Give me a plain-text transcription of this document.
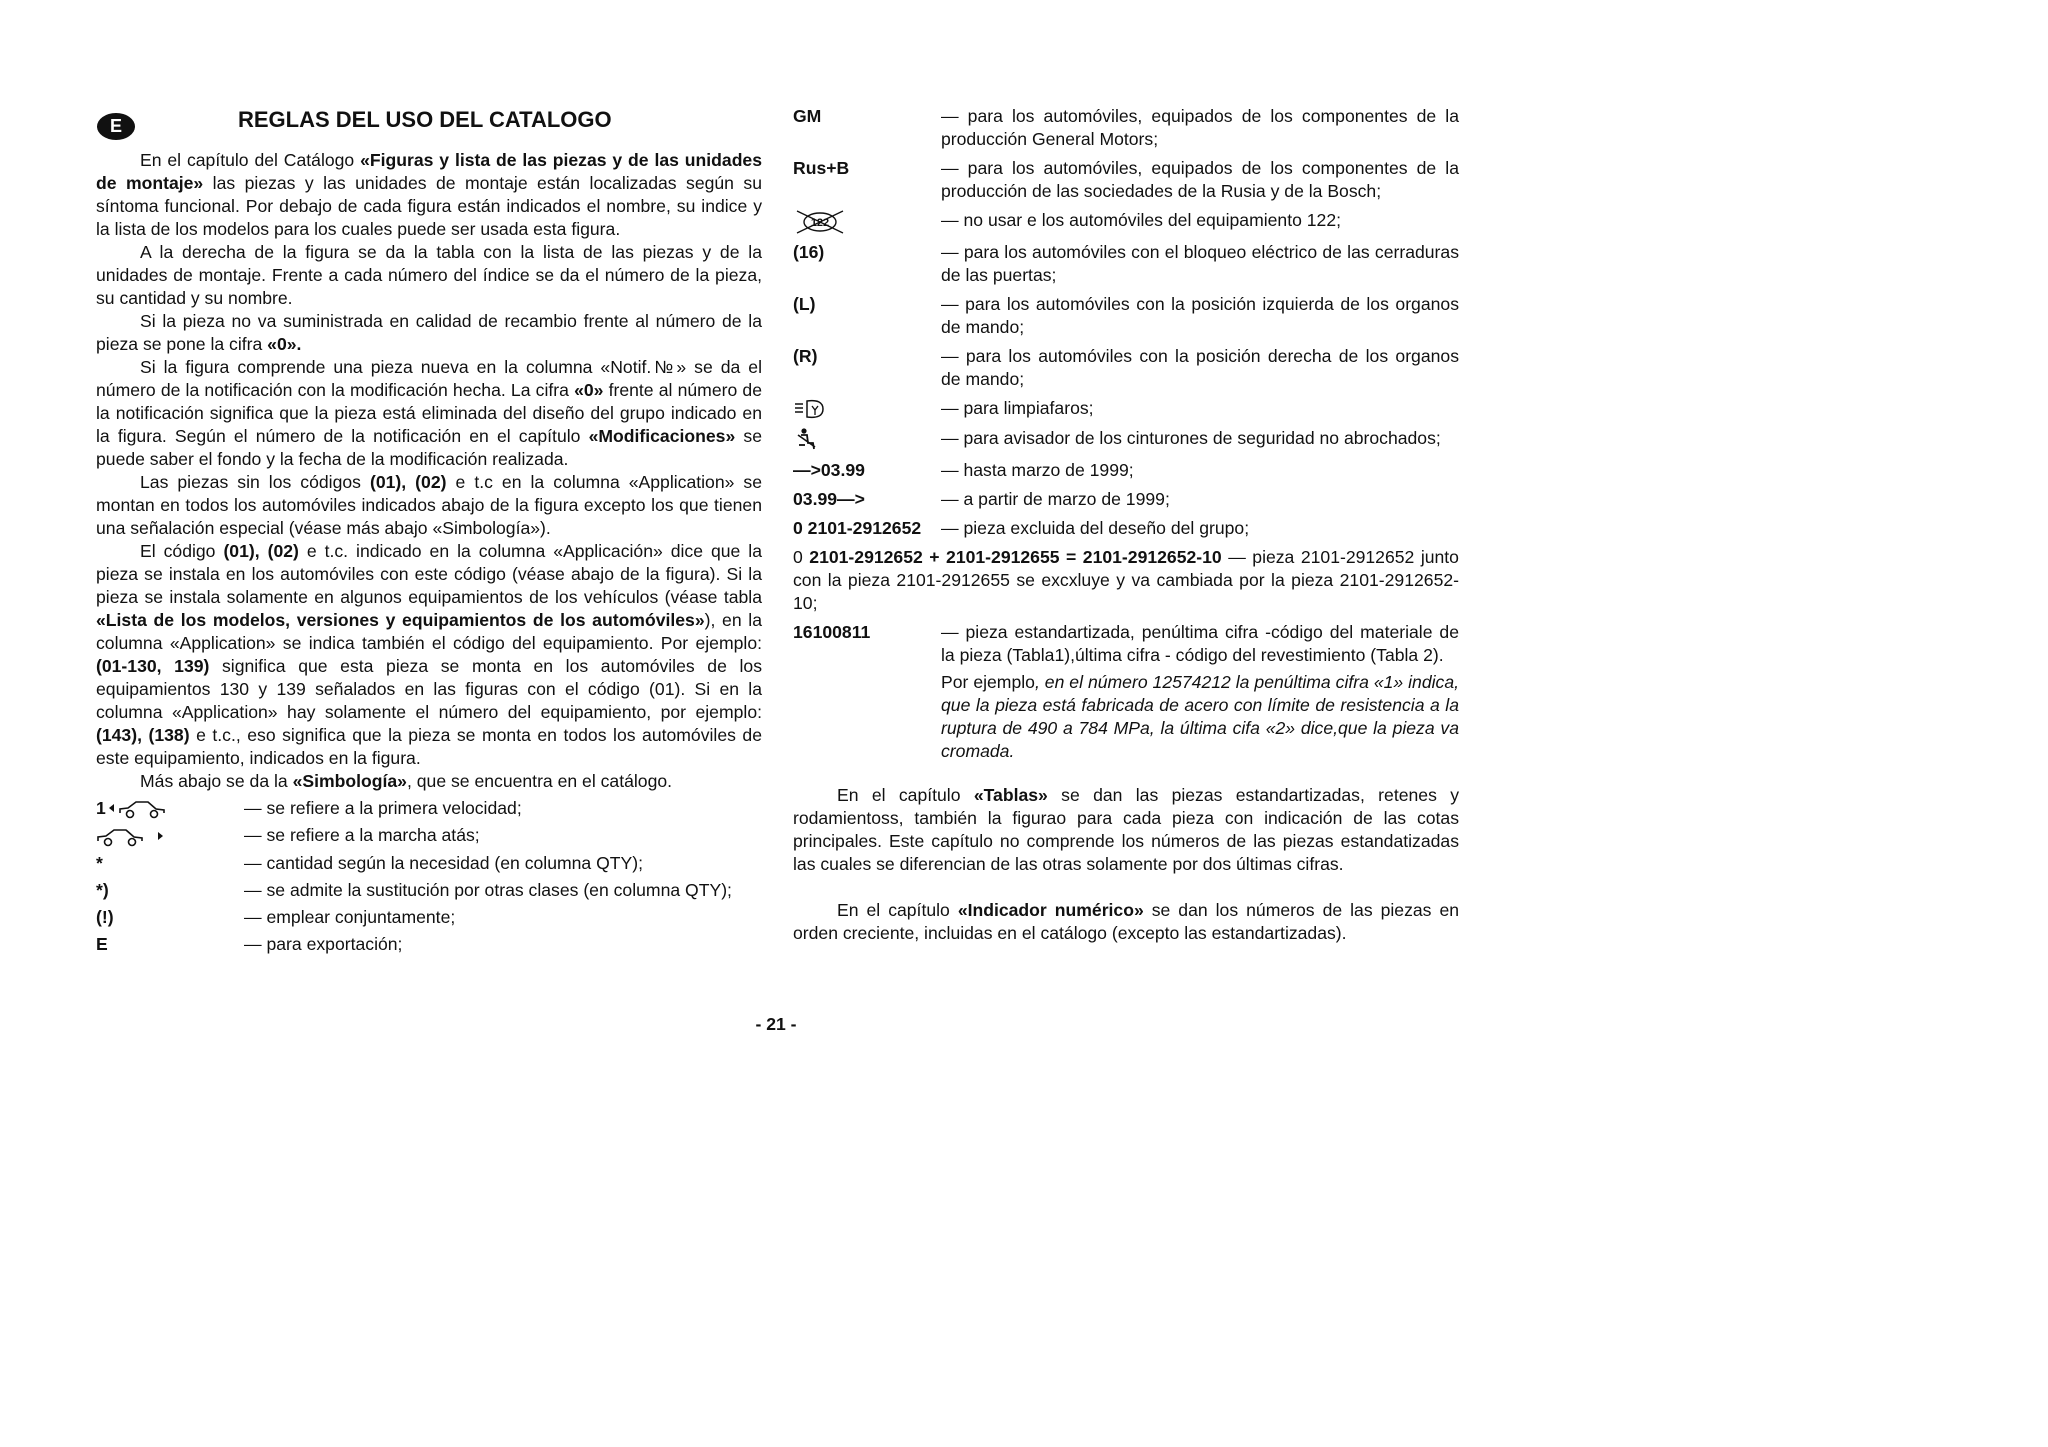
E	REGLAS DEL USO DEL CATALOGO

En el capítulo del Catálogo «Figuras y lista de las piezas y de las unidades de montaje» las piezas y las unidades de montaje están localizadas según su síntoma funcional. Por debajo de cada figura están indicados el nombre, su indice y la lista de los modelos para los cuales puede ser usada esta figura.

A la derecha de la figura se da la tabla con la lista de las piezas y de la unidades de montaje. Frente a cada número del índice se da el número de la pieza, su cantidad y su nombre.

Si la pieza no va suministrada en calidad de recambio frente al número de la pieza se pone la cifra «0».

Si la figura comprende una pieza nueva en la columna «Notif.№» se da el número de la notificación con la modificación hecha. La cifra «0» frente al número de la notificación significa que la pieza está eliminada del diseño del grupo indicado en la figura. Según el número de la notificación en el capítulo «Modificaciones» se puede saber el fondo y la fecha de la modificación realizada.

Las piezas sin los códigos (01), (02) e t.c en la columna «Application» se montan en todos los automóviles indicados abajo de la figura excepto los que tienen una señalación especial (véase más abajo «Simbología»).

El código (01), (02) e t.c. indicado en la columna «Applicación» dice que la pieza se instala en los automóviles con este código (véase abajo de la figura). Si la pieza se instala solamente en algunos equipamientos de los vehículos (véase tabla «Lista de los modelos, versiones y equipamientos de los automóviles»), en la columna «Application» se indica también el código del equipamiento. Por ejemplo: (01-130, 139) significa que esta pieza se monta en los automóviles de los equipamientos 130 y 139 señalados en las figuras con el código (01). Si en la columna «Application» hay solamente el número del equipamiento, por ejemplo: (143), (138) e t.c., eso significa que la pieza se monta en todos los automóviles de este equipamiento, indicados en la figura.

Más abajo se da la «Simbología», que se encuentra en el catálogo.

1	— se refiere a la primera velocidad;
— se refiere a la marcha atás;
*	— cantidad según la necesidad (en columna QTY);
*)	— se admite la sustitución por otras clases (en columna QTY);
(!)	— emplear conjuntamente;
E	— para exportación;
GM	— para los automóviles, equipados de los componentes de la producción General Motors;
Rus+B	— para los automóviles, equipados de los componentes de la producción de las sociedades de la Rusia y de la Bosch;
122	— no usar e los automóviles del equipamiento 122;
(16)	— para los automóviles con el bloqueo eléctrico de las cerraduras de las puertas;
(L)	— para los automóviles con la posición izquierda de los organos de mando;
(R)	— para los automóviles con la posición derecha de los organos de mando;
— para limpiafaros;
— para avisador de los cinturones de seguridad no abrochados;
—>03.99	— hasta marzo de 1999;
03.99—>	— a partir de marzo de 1999;
0 2101-2912652	— pieza excluida del deseño del grupo;
0 2101-2912652 + 2101-2912655 = 2101-2912652-10 — pieza 2101-2912652 junto con la pieza 2101-2912655 se excxluye y va cambiada por la pieza 2101-2912652-10;
16100811	— pieza estandartizada, penúltima cifra -código del materiale de la pieza (Tabla1),última cifra - código del revestimiento (Tabla 2).
Por ejemplo, en el número 12574212 la penúltima cifra «1» indica, que la pieza está fabricada de acero con límite de resistencia a la ruptura de 490 a 784 MPa, la última cifa «2» dice,que la pieza va cromada.

En el capítulo «Tablas» se dan las piezas estandartizadas, retenes y rodamientoss, también la figurao para cada pieza con indicación de las cotas principales. Este capítulo no comprende los números de las piezas estandatizadas las cuales se diferencian de las otras solamente por dos últimas cifras.

En el capítulo «Indicador numérico» se dan los números de las piezas en orden creciente, incluidas en el catálogo (excepto las estandartizadas).

- 21 -
